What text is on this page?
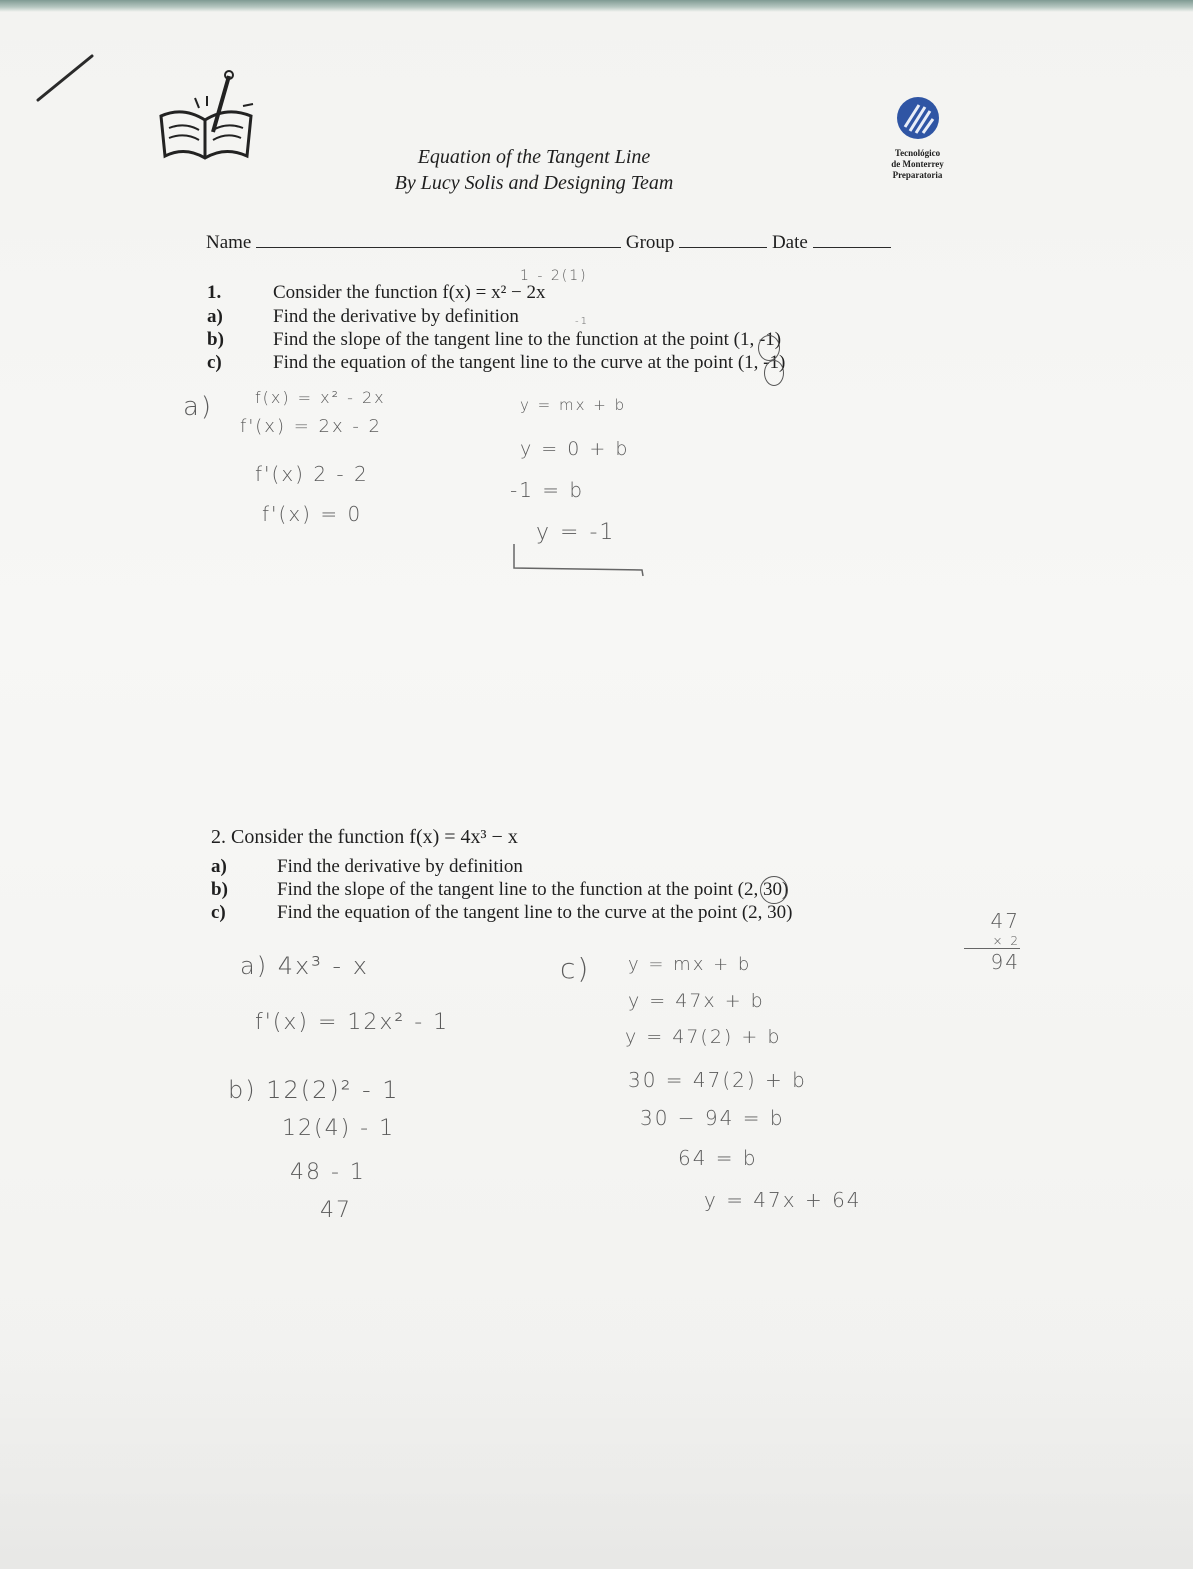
Equation of the Tangent Line
By Lucy Solis and Designing Team
Tecnológico
de Monterrey
Preparatoria
Name	Group	Date
1.	Consider the function f(x) = x² − 2x
a)	Find the derivative by definition
b)	Find the slope of the tangent line to the function at the point (1, -1)
c)	Find the equation of the tangent line to the curve at the point (1, -1)
1 - 2(1)
-1
a)	f(x) = x² - 2x
f'(x) = 2x - 2
f'(x) 2 - 2
f'(x) = 0
y = mx + b
y = 0 + b
-1 = b
y = -1
2. Consider the function f(x) = 4x³ − x
a)	Find the derivative by definition
b)	Find the slope of the tangent line to the function at the point (2, 30)
c)	Find the equation of the tangent line to the curve at the point (2, 30)
a) 4x³ - x
f'(x) = 12x² - 1
b) 12(2)² - 1
12(4) - 1
48 - 1
47
c) y = mx + b
y = 47x + b
y = 47(2) + b
30 = 47(2) + b
30 − 94 = b
64 = b
y = 47x + 64
47
× 2
94
